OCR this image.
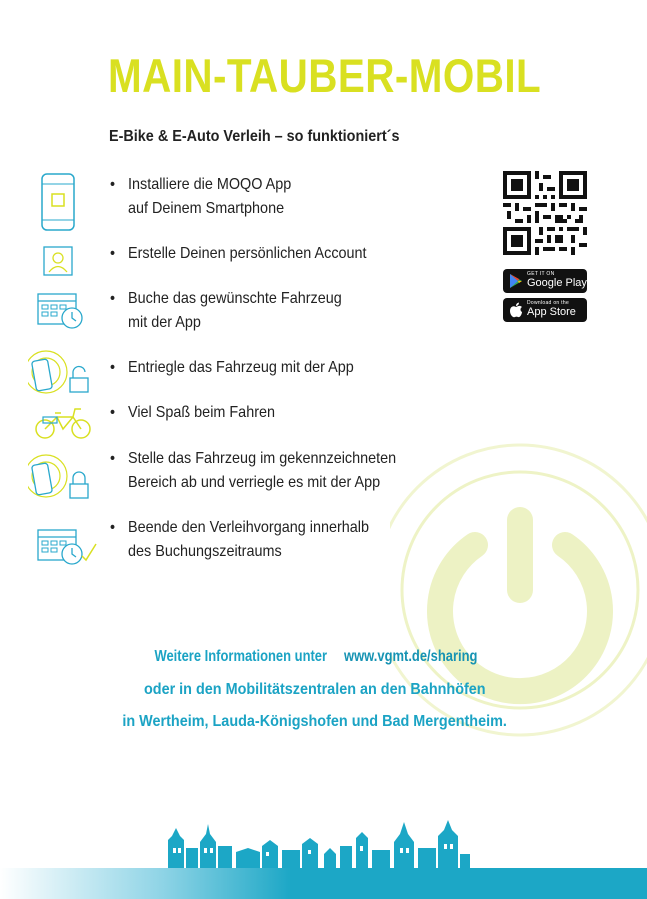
MAIN-TAUBER-MOBIL
E-Bike & E-Auto Verleih – so funktioniert´s
• Installiere die MOQO App
auf Deinem Smartphone
• Erstelle Deinen persönlichen Account
• Buche das gewünschte Fahrzeug
mit der App
• Entriegle das Fahrzeug mit der App
• Viel Spaß beim Fahren
• Stelle das Fahrzeug im gekennzeichneten
Bereich ab und verriegle es mit der App
• Beende den Verleihvorgang innerhalb
des Buchungszeitraums
GET IT ON
Google Play
Download on the
App Store
Weitere Informationen unterwww.vgmt.de/sharing
oder in den Mobilitätszentralen an den Bahnhöfen
in Wertheim, Lauda-Königshofen und Bad Mergentheim.
